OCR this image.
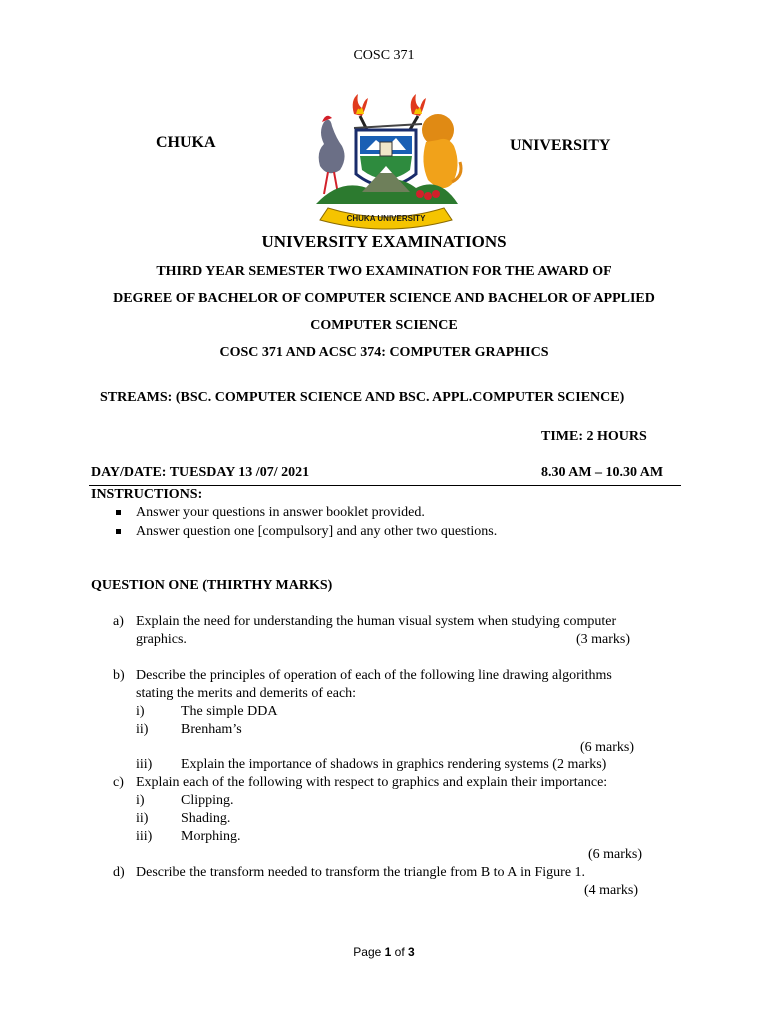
COSC 371
CHUKA	UNIVERSITY
CHUKA UNIVERSITY
UNIVERSITY EXAMINATIONS
THIRD YEAR SEMESTER TWO EXAMINATION FOR THE AWARD OF
DEGREE OF BACHELOR OF COMPUTER SCIENCE AND BACHELOR OF APPLIED
COMPUTER SCIENCE
COSC 371 AND ACSC 374: COMPUTER GRAPHICS
STREAMS: (BSC. COMPUTER SCIENCE AND BSC. APPL.COMPUTER SCIENCE)
TIME: 2 HOURS
DAY/DATE: TUESDAY 13 /07/ 2021	8.30 AM – 10.30 AM
INSTRUCTIONS:
Answer your questions in answer booklet provided.
Answer question one [compulsory] and any other two questions.
QUESTION ONE (THIRTHY MARKS)
a) Explain the need for understanding the human visual system when studying computer
graphics.	(3 marks)
b) Describe the principles of operation of each of the following line drawing algorithms
stating the merits and demerits of each:
i)	The simple DDA
ii) Brenham’s
(6 marks)
iii) Explain the importance of shadows in graphics rendering systems (2 marks)
c) Explain each of the following with respect to graphics and explain their importance:
i)	Clipping.
ii) Shading.
iii) Morphing.
(6 marks)
d) Describe the transform needed to transform the triangle from B to A in Figure 1.
(4 marks)
Page 1 of 3
